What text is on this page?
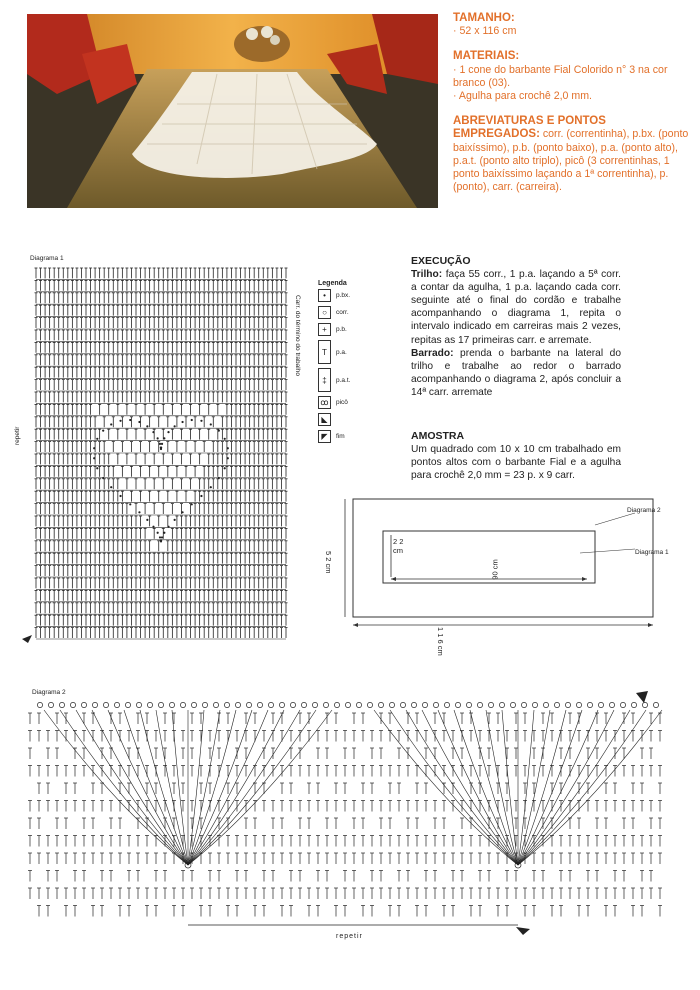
TAMANHO:

· 52 x 116 cm

MATERIAIS:

· 1 cone do barbante Fial Colorido n° 3 na cor branco (03).

· Agulha para crochê 2,0 mm.

ABREVIATURAS E PONTOS EMPREGADOS: corr. (correntinha), p.bx. (ponto baixíssimo), p.b. (ponto baixo), p.a. (ponto alto), p.a.t. (ponto alto triplo), picô (3 correntinhas, 1 ponto baixíssimo laçando a 1ª correntinha), p. (ponto), carr. (carreira).

Diagrama 1
repetir
Carr. do término do trabalho
Legenda
•	p.bx.
○	corr.
+	p.b.
T	p.a.
‡	p.a.t.
ꝏ	picô
◣
◤	fim
EXECUÇÃO

Trilho: faça 55 corr., 1 p.a. laçando a 5ª corr. a contar da agulha, 1 p.a. laçando cada corr. seguinte até o final do cordão e trabalhe acompanhando o diagrama 1, repita o intervalo indicado em carreiras mais 2 vezes, repitas as 17 primeiras carr. e arremate.

Barrado: prenda o barbante na lateral do trilho e trabalhe ao redor o barrado acompanhando o diagrama 2, após concluir a 14ª carr. arremate

AMOSTRA

Um quadrado com 10 x 10 cm trabalhado em pontos altos com o barbante Fial e a agulha para crochê 2,0 mm = 23 p. x 9 carr.

Diagrama 2
Diagrama 1
90 cm
2 2 cm
1 1 6 cm
5 2 cm
Diagrama 2
repetir
